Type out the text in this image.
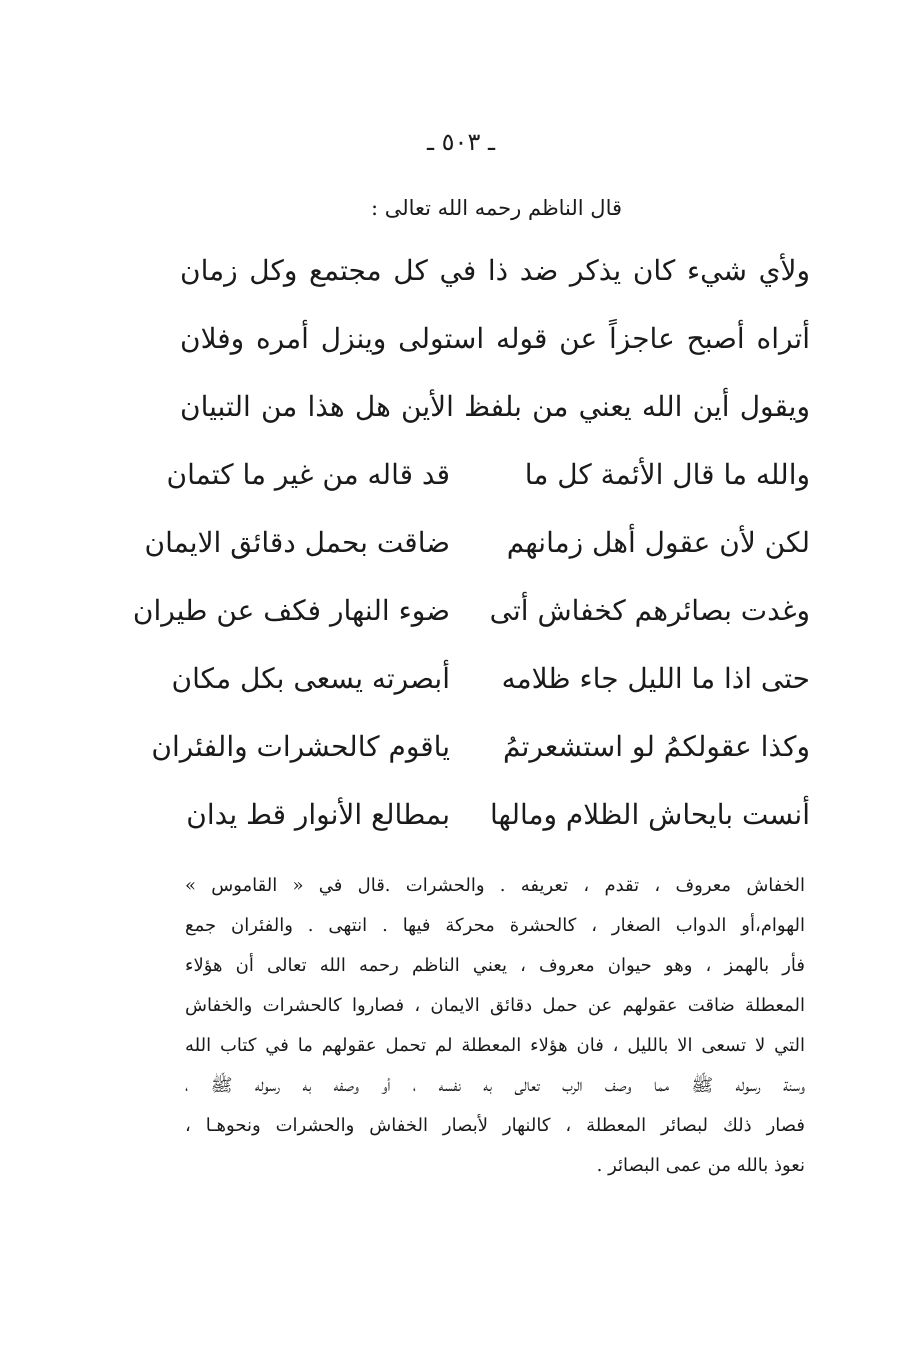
ـ ٥٠٣ ـ
قال الناظم رحمه الله تعالى :
ولأي شيء كان يذكر ضد ذا في كل مجتمع وكل زمان
أتراه أصبح عاجزاً عن قوله استولى وينزل أمره وفلان
ويقول أين الله يعني من بلفظ الأين هل هذا من التبيان
والله ما قال الأئمة كل ما
قد قاله من غير ما كتمان
لكن لأن عقول أهل زمانهم
ضاقت بحمل دقائق الايمان
وغدت بصائرهم كخفاش أتى
ضوء النهار فكف عن طيران
حتى اذا ما الليل جاء ظلامه
أبصرته يسعى بكل مكان
وكذا عقولكمُ لو استشعرتمُ
ياقوم كالحشرات والفئران
أنست بايحاش الظلام ومالها
بمطالع الأنوار قط يدان
الخفاش معروف ، تقدم ، تعريفه . والحشرات .قال في « القاموس »
الهوام،أو الدواب الصغار ، كالحشرة محركة فيها . انتهى . والفئران جمع
فأر بالهمز ، وهو حيوان معروف ، يعني الناظم رحمه الله تعالى أن هؤلاء
المعطلة ضاقت عقولهم عن حمل دقائق الايمان ، فصاروا كالحشرات والخفاش
التي لا تسعى الا بالليل ، فان هؤلاء المعطلة لم تحمل عقولهم ما في كتاب الله
وسنة رسوله ﷺ مما وصف الرب تعالى به نفسه ، أو وصفه به رسوله ﷺ ،
فصار ذلك لبصائر المعطلة ، كالنهار لأبصار الخفاش والحشرات ونحوهـا ،
نعوذ بالله من عمى البصائر .
